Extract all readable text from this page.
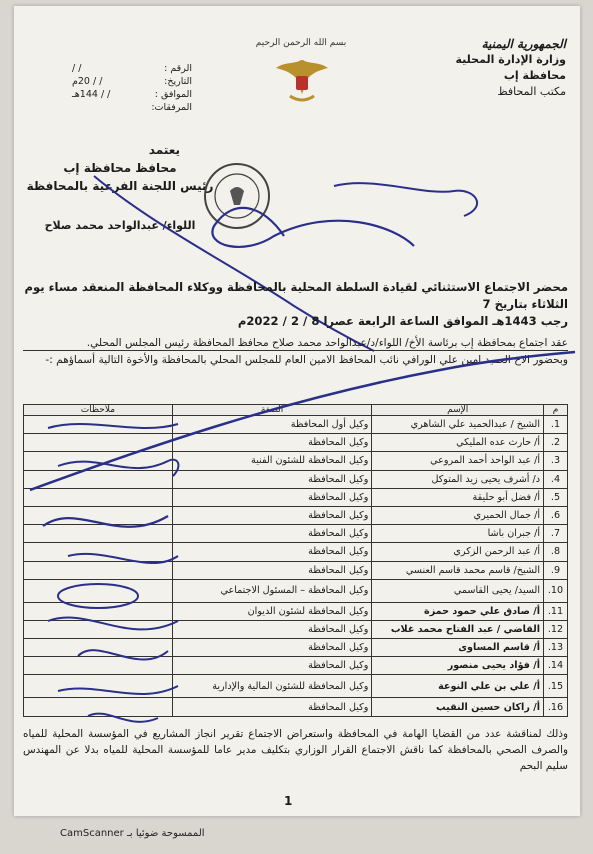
الجمهورية اليمنية
وزارة الإدارة المحلية
محافظة إب
مكتب المحافظ
بسم الله الرحمن الرحيم
الرقم :
/ /
التاريخ:
/ / 20م
الموافق :
/ / 144هـ
المرفقات:
يعتمد
محافظ محافظة إب
رئيس اللجنة الفرعية بالمحافظة
اللواء/ عبدالواحد محمد صلاح
محضر الاجتماع الاستثنائي لقيادة السلطة المحلية بالمحافظة ووكلاء المحافظة المنعقد مساء يوم الثلاثاء بتاريخ 7
رجب 1443هـ الموافق الساعة الرابعة عصرا 8 / 2 / 2022م

عقد اجتماع بمحافظة إب برئاسة الأخ/ اللواء/د/عبدالواحد محمد صلاح محافظ المحافظة رئيس المجلس المحلي.

وبحضور الاخ العميد امين علي الورافي نائب المحافظ الامين العام للمجلس المحلي بالمحافظة والأخوة التالية أسماؤهم :-

م	الإسم	الصفة	ملاحظات
1.	الشيخ / عبدالحميد علي الشاهري	وكيل أول المحافظة	
2.	أ/ حارث عده المليكي	وكيل المحافظة	
3.	أ/ عبد الواحد أحمد المروعي	وكيل المحافظة للشئون الفنية	
4.	د/ أشرف يحيى زيد المتوكل	وكيل المحافظة	
5.	أ/ فضل أبو حليقة	وكيل المحافظة	
6.	أ/ جمال الحميري	وكيل المحافظة	
7.	أ/ جبران باشا	وكيل المحافظة	
8.	أ/ عبد الرحمن الزكري	وكيل المحافظة	
9.	الشيخ/ قاسم محمد قاسم العنسي	وكيل المحافظة	
10.	السيد/ يحيى القاسمي	وكيل المحافظة – المسئول الاجتماعي	
11.	أ/ صادق علي حمود حمزة	وكيل المحافظة لشئون الديوان	
12.	القاضي / عبد الفتاح محمد غلاب	وكيل المحافظة	
13.	أ/ قاسم المساوى	وكيل المحافظة	
14.	أ/ فؤاد يحيى منصور	وكيل المحافظة	
15.	أ/ علي بن علي النوعة	وكيل المحافظة للشئون المالية والإدارية	
16.	أ/ راكان حسين النقيب	وكيل المحافظة	
وذلك لمناقشة عدد من القضايا الهامة في المحافظة واستعراض الاجتماع تقرير انجاز المشاريع في المؤسسة المحلية للمياه والصرف الصحي بالمحافظة كما ناقش الاجتماع القرار الوزاري بتكليف مدير عاما للمؤسسة المحلية للمياه بدلا عن المهندس سليم البحم
1
الممسوحة ضوئيا بـ CamScanner
